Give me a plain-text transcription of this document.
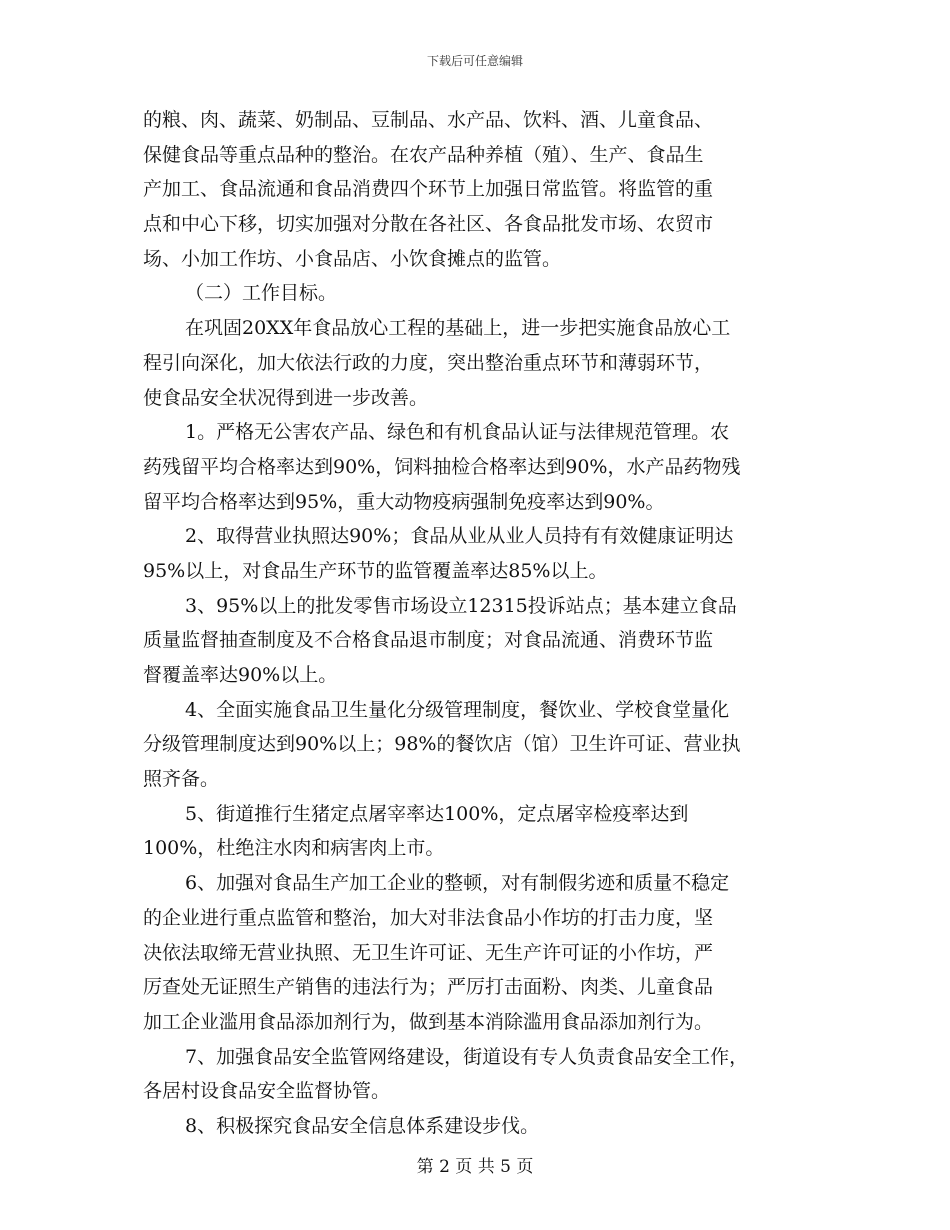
下载后可任意编辑
的粮、肉、蔬菜、奶制品、豆制品、水产品、饮料、酒、儿童食品、
保健食品等重点品种的整治。在农产品种养植（殖）、生产、食品生
产加工、食品流通和食品消费四个环节上加强日常监管。将监管的重
点和中心下移，切实加强对分散在各社区、各食品批发市场、农贸市
场、小加工作坊、小食品店、小饮食摊点的监管。
（二）工作目标。
在巩固20XX年食品放心工程的基础上，进一步把实施食品放心工
程引向深化，加大依法行政的力度，突出整治重点环节和薄弱环节，
使食品安全状况得到进一步改善。
1。严格无公害农产品、绿色和有机食品认证与法律规范管理。农
药残留平均合格率达到90%，饲料抽检合格率达到90%，水产品药物残
留平均合格率达到95%，重大动物疫病强制免疫率达到90%。
2、取得营业执照达90%；食品从业从业人员持有有效健康证明达
95%以上，对食品生产环节的监管覆盖率达85%以上。
3、95%以上的批发零售市场设立12315投诉站点；基本建立食品
质量监督抽查制度及不合格食品退市制度；对食品流通、消费环节监
督覆盖率达90%以上。
4、全面实施食品卫生量化分级管理制度，餐饮业、学校食堂量化
分级管理制度达到90%以上；98%的餐饮店（馆）卫生许可证、营业执
照齐备。
5、街道推行生猪定点屠宰率达100%，定点屠宰检疫率达到
100%，杜绝注水肉和病害肉上市。
6、加强对食品生产加工企业的整顿，对有制假劣迹和质量不稳定
的企业进行重点监管和整治，加大对非法食品小作坊的打击力度，坚
决依法取缔无营业执照、无卫生许可证、无生产许可证的小作坊，严
厉查处无证照生产销售的违法行为；严厉打击面粉、肉类、儿童食品
加工企业滥用食品添加剂行为，做到基本消除滥用食品添加剂行为。
7、加强食品安全监管网络建设，街道设有专人负责食品安全工作，
各居村设食品安全监督协管。
8、积极探究食品安全信息体系建设步伐。
第 2 页 共 5 页
